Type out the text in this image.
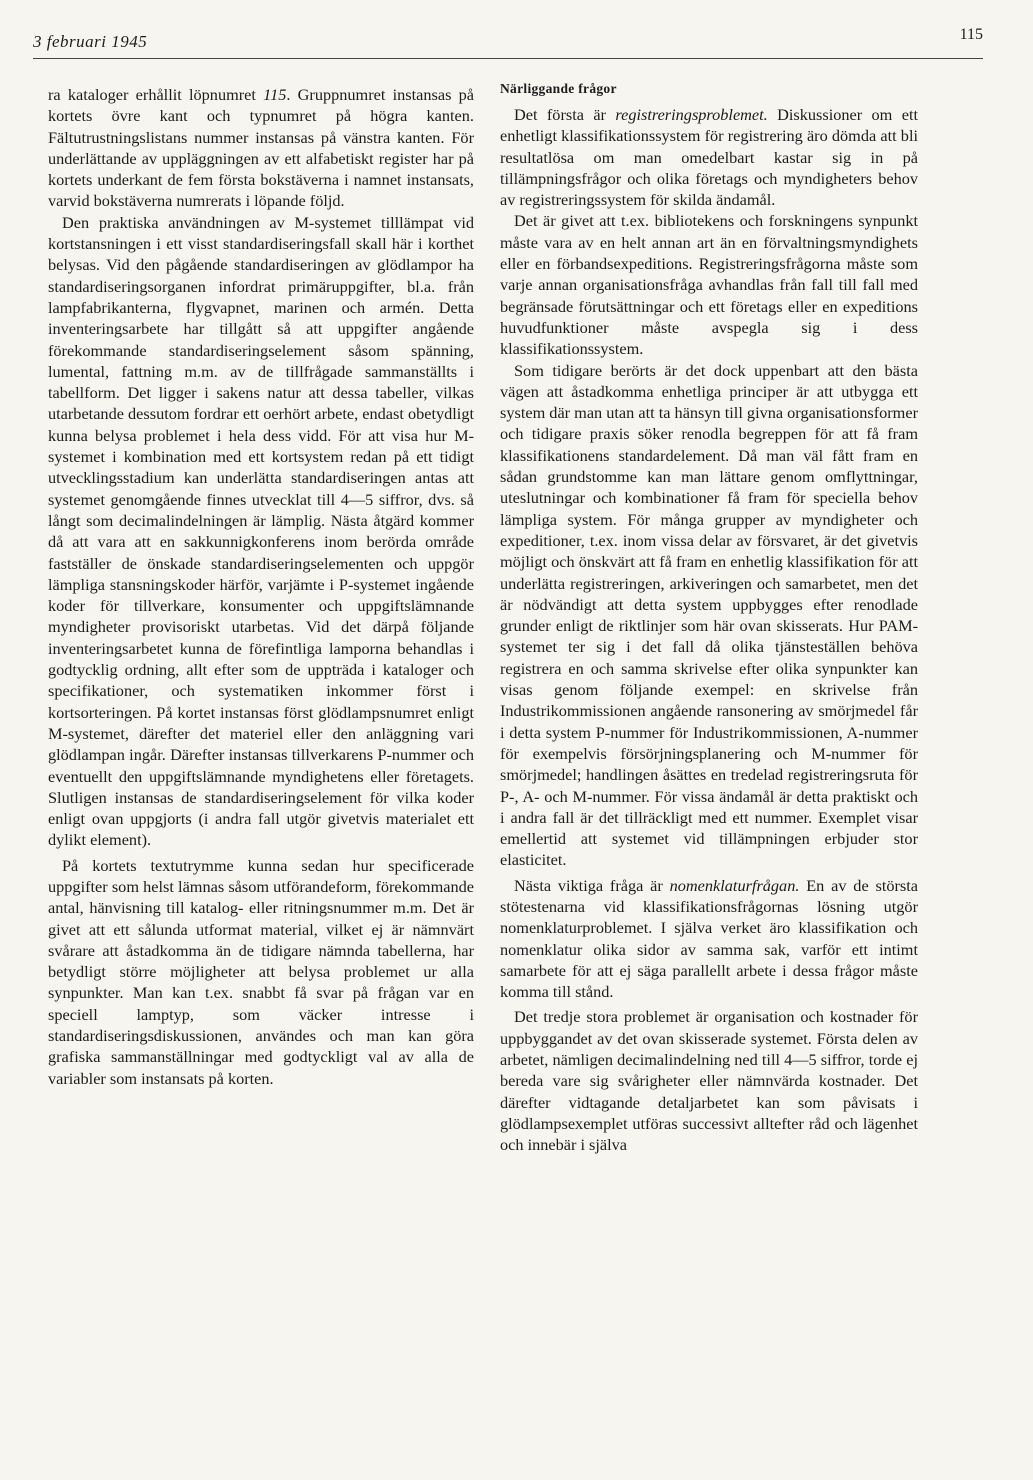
3 februari 1945	115

ra kataloger erhållit löpnumret 115. Gruppnumret instansas på kortets övre kant och typnumret på högra kanten. Fältutrustningslistans nummer instansas på vänstra kanten. För underlättande av uppläggningen av ett alfabetiskt register har på kortets underkant de fem första bokstäverna i namnet instansats, varvid bokstäverna numrerats i löpande följd.

Den praktiska användningen av M-systemet tilllämpat vid kortstansningen i ett visst standardiseringsfall skall här i korthet belysas. Vid den pågående standardiseringen av glödlampor ha standardiseringsorganen infordrat primäruppgifter, bl.a. från lampfabrikanterna, flygvapnet, marinen och armén. Detta inventeringsarbete har tillgått så att uppgifter angående förekommande standardiseringselement såsom spänning, lumental, fattning m.m. av de tillfrågade sammanställts i tabellform. Det ligger i sakens natur att dessa tabeller, vilkas utarbetande dessutom fordrar ett oerhört arbete, endast obetydligt kunna belysa problemet i hela dess vidd. För att visa hur M-systemet i kombination med ett kortsystem redan på ett tidigt utvecklingsstadium kan underlätta standardiseringen antas att systemet genomgående finnes utvecklat till 4—5 siffror, dvs. så långt som decimalindelningen är lämplig. Nästa åtgärd kommer då att vara att en sakkunnigkonferens inom berörda område fastställer de önskade standardiseringselementen och uppgör lämpliga stansningskoder härför, varjämte i P-systemet ingående koder för tillverkare, konsumenter och uppgiftslämnande myndigheter provisoriskt utarbetas. Vid det därpå följande inventeringsarbetet kunna de förefintliga lamporna behandlas i godtycklig ordning, allt efter som de uppträda i kataloger och specifikationer, och systematiken inkommer först i kortsorteringen. På kortet instansas först glödlampsnumret enligt M-systemet, därefter det materiel eller den anläggning vari glödlampan ingår. Därefter instansas tillverkarens P-nummer och eventuellt den uppgiftslämnande myndighetens eller företagets. Slutligen instansas de standardiseringselement för vilka koder enligt ovan uppgjorts (i andra fall utgör givetvis materialet ett dylikt element).

På kortets textutrymme kunna sedan hur specificerade uppgifter som helst lämnas såsom utförandeform, förekommande antal, hänvisning till katalog- eller ritningsnummer m.m. Det är givet att ett sålunda utformat material, vilket ej är nämnvärt svårare att åstadkomma än de tidigare nämnda tabellerna, har betydligt större möjligheter att belysa problemet ur alla synpunkter. Man kan t.ex. snabbt få svar på frågan var en speciell lamptyp, som väcker intresse i standardiseringsdiskussionen, användes och man kan göra grafiska sammanställningar med godtyckligt val av alla de variabler som instansats på korten.

Närliggande frågor

Det första är registreringsproblemet. Diskussioner om ett enhetligt klassifikationssystem för registrering äro dömda att bli resultatlösa om man omedelbart kastar sig in på tillämpningsfrågor och olika företags och myndigheters behov av registreringssystem för skilda ändamål.

Det är givet att t.ex. bibliotekens och forskningens synpunkt måste vara av en helt annan art än en förvaltningsmyndighets eller en förbandsexpeditions. Registreringsfrågorna måste som varje annan organisationsfråga avhandlas från fall till fall med begränsade förutsättningar och ett företags eller en expeditions huvudfunktioner måste avspegla sig i dess klassifikationssystem.

Som tidigare berörts är det dock uppenbart att den bästa vägen att åstadkomma enhetliga principer är att utbygga ett system där man utan att ta hänsyn till givna organisationsformer och tidigare praxis söker renodla begreppen för att få fram klassifikationens standardelement. Då man väl fått fram en sådan grundstomme kan man lättare genom omflyttningar, uteslutningar och kombinationer få fram för speciella behov lämpliga system. För många grupper av myndigheter och expeditioner, t.ex. inom vissa delar av försvaret, är det givetvis möjligt och önskvärt att få fram en enhetlig klassifikation för att underlätta registreringen, arkiveringen och samarbetet, men det är nödvändigt att detta system uppbygges efter renodlade grunder enligt de riktlinjer som här ovan skisserats. Hur PAM-systemet ter sig i det fall då olika tjänsteställen behöva registrera en och samma skrivelse efter olika synpunkter kan visas genom följande exempel: en skrivelse från Industrikommissionen angående ransonering av smörjmedel får i detta system P-nummer för Industrikommissionen, A-nummer för exempelvis försörjningsplanering och M-nummer för smörjmedel; handlingen åsättes en tredelad registreringsruta för P-, A- och M-nummer. För vissa ändamål är detta praktiskt och i andra fall är det tillräckligt med ett nummer. Exemplet visar emellertid att systemet vid tillämpningen erbjuder stor elasticitet.

Nästa viktiga fråga är nomenklaturfrågan. En av de största stötestenarna vid klassifikationsfrågornas lösning utgör nomenklaturproblemet. I själva verket äro klassifikation och nomenklatur olika sidor av samma sak, varför ett intimt samarbete för att ej säga parallellt arbete i dessa frågor måste komma till stånd.

Det tredje stora problemet är organisation och kostnader för uppbyggandet av det ovan skisserade systemet. Första delen av arbetet, nämligen decimalindelning ned till 4—5 siffror, torde ej bereda vare sig svårigheter eller nämnvärda kostnader. Det därefter vidtagande detaljarbetet kan som påvisats i glödlampsexemplet utföras successivt alltefter råd och lägenhet och innebär i själva
